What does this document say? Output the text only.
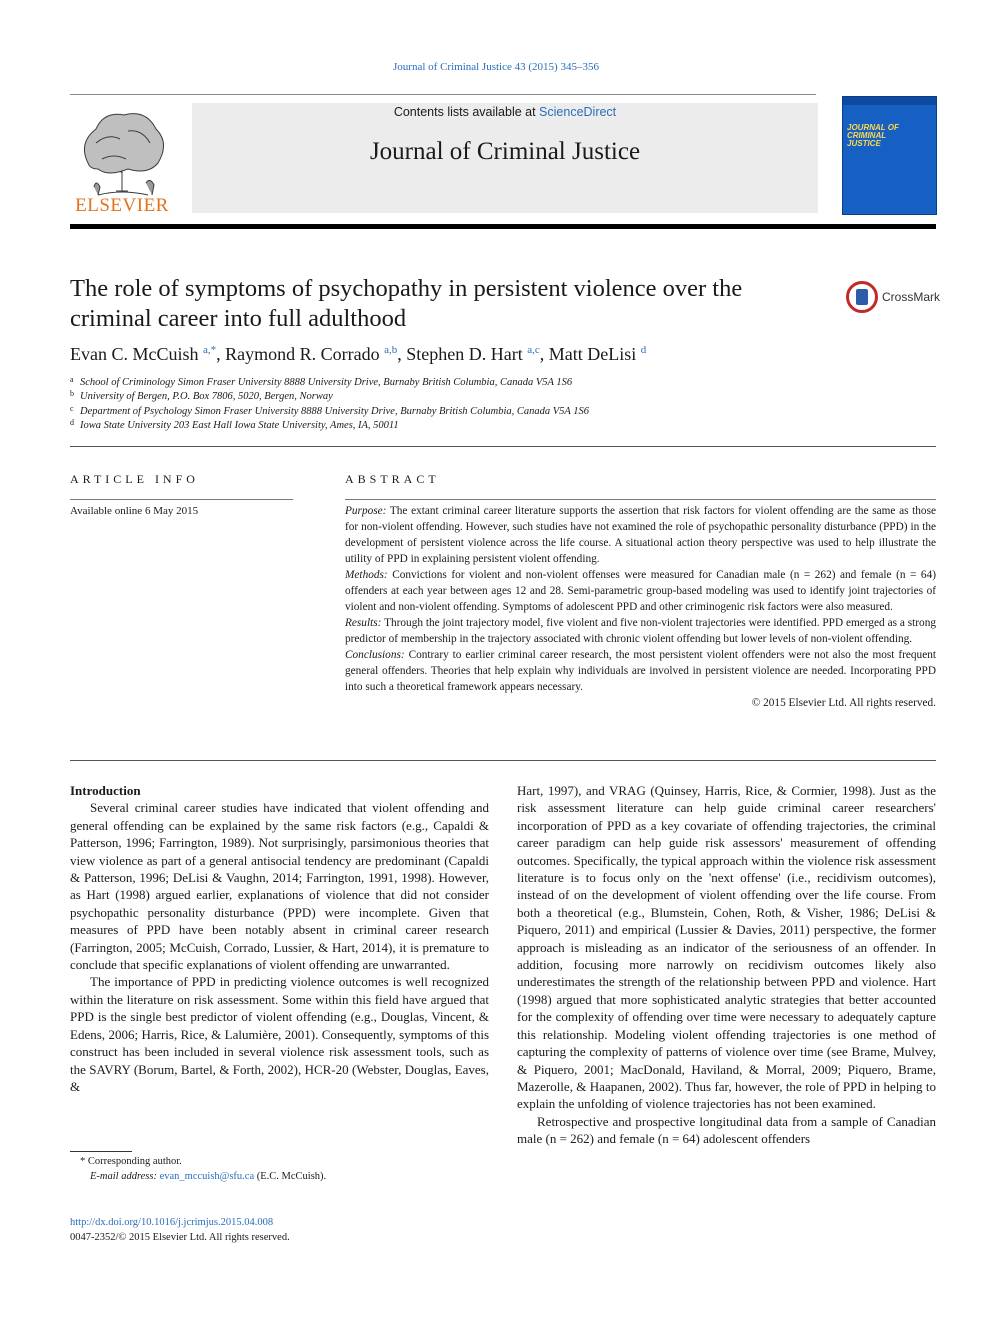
Journal of Criminal Justice 43 (2015) 345–356
ELSEVIER
Contents lists available at ScienceDirect
Journal of Criminal Justice
JOURNAL OF CRIMINAL JUSTICE
The role of symptoms of psychopathy in persistent violence over the criminal career into full adulthood
CrossMark
Evan C. McCuish $^{a,*}$, Raymond R. Corrado $^{a,b}$, Stephen D. Hart $^{a,c}$, Matt DeLisi $^d$
a School of Criminology Simon Fraser University 8888 University Drive, Burnaby British Columbia, Canada V5A 1S6
b University of Bergen, P.O. Box 7806, 5020, Bergen, Norway
c Department of Psychology Simon Fraser University 8888 University Drive, Burnaby British Columbia, Canada V5A 1S6
d Iowa State University 203 East Hall Iowa State University, Ames, IA, 50011
ARTICLE INFO	ABSTRACT
Available online 6 May 2015	Purpose: The extant criminal career literature supports the assertion that risk factors for violent offending are the same as those for non-violent offending. However, such studies have not examined the role of psychopathic personality disturbance (PPD) in the development of persistent violence across the life course. A situational action theory perspective was used to help illustrate the utility of PPD in explaining persistent violent offending.

Methods: Convictions for violent and non-violent offenses were measured for Canadian male (n = 262) and female (n = 64) offenders at each year between ages 12 and 28. Semi-parametric group-based modeling was used to identify joint trajectories of violent and non-violent offending. Symptoms of adolescent PPD and other criminogenic risk factors were also measured.

Results: Through the joint trajectory model, five violent and five non-violent trajectories were identified. PPD emerged as a strong predictor of membership in the trajectory associated with chronic violent offending but lower levels of non-violent offending.

Conclusions: Contrary to earlier criminal career research, the most persistent violent offenders were not also the most frequent general offenders. Theories that help explain why individuals are involved in persistent violence are needed. Incorporating PPD into such a theoretical framework appears necessary.

© 2015 Elsevier Ltd. All rights reserved.

Introduction

Several criminal career studies have indicated that violent offending and general offending can be explained by the same risk factors (e.g., Capaldi & Patterson, 1996; Farrington, 1989). Not surprisingly, parsimonious theories that view violence as part of a general antisocial tendency are predominant (Capaldi & Patterson, 1996; DeLisi & Vaughn, 2014; Farrington, 1991, 1998). However, as Hart (1998) argued earlier, explanations of violence that did not consider psychopathic personality disturbance (PPD) were incomplete. Given that measures of PPD have been notably absent in criminal career research (Farrington, 2005; McCuish, Corrado, Lussier, & Hart, 2014), it is premature to conclude that specific explanations of violent offending are unwarranted.

The importance of PPD in predicting violence outcomes is well recognized within the literature on risk assessment. Some within this field have argued that PPD is the single best predictor of violent offending (e.g., Douglas, Vincent, & Edens, 2006; Harris, Rice, & Lalumière, 2001). Consequently, symptoms of this construct has been included in several violence risk assessment tools, such as the SAVRY (Borum, Bartel, & Forth, 2002), HCR-20 (Webster, Douglas, Eaves, &

Hart, 1997), and VRAG (Quinsey, Harris, Rice, & Cormier, 1998). Just as the risk assessment literature can help guide criminal career researchers' incorporation of PPD as a key covariate of offending trajectories, the criminal career paradigm can help guide risk assessors' measurement of offending outcomes. Specifically, the typical approach within the violence risk assessment literature is to focus only on the 'next offense' (i.e., recidivism outcomes), instead of on the development of violent offending over the life course. From both a theoretical (e.g., Blumstein, Cohen, Roth, & Visher, 1986; DeLisi & Piquero, 2011) and empirical (Lussier & Davies, 2011) perspective, the former approach is misleading as an indicator of the seriousness of an offender. In addition, focusing more narrowly on recidivism outcomes likely also underestimates the strength of the relationship between PPD and violence. Hart (1998) argued that more sophisticated analytic strategies that better accounted for the complexity of offending over time were necessary to adequately capture this relationship. Modeling violent offending trajectories is one method of capturing the complexity of patterns of violence over time (see Brame, Mulvey, & Piquero, 2001; MacDonald, Haviland, & Morral, 2009; Piquero, Brame, Mazerolle, & Haapanen, 2002). Thus far, however, the role of PPD in helping to explain the unfolding of violence trajectories has not been examined.

Retrospective and prospective longitudinal data from a sample of Canadian male (n = 262) and female (n = 64) adolescent offenders

* Corresponding author.
E-mail address: evan_mccuish@sfu.ca (E.C. McCuish).
http://dx.doi.org/10.1016/j.jcrimjus.2015.04.008
0047-2352/© 2015 Elsevier Ltd. All rights reserved.
